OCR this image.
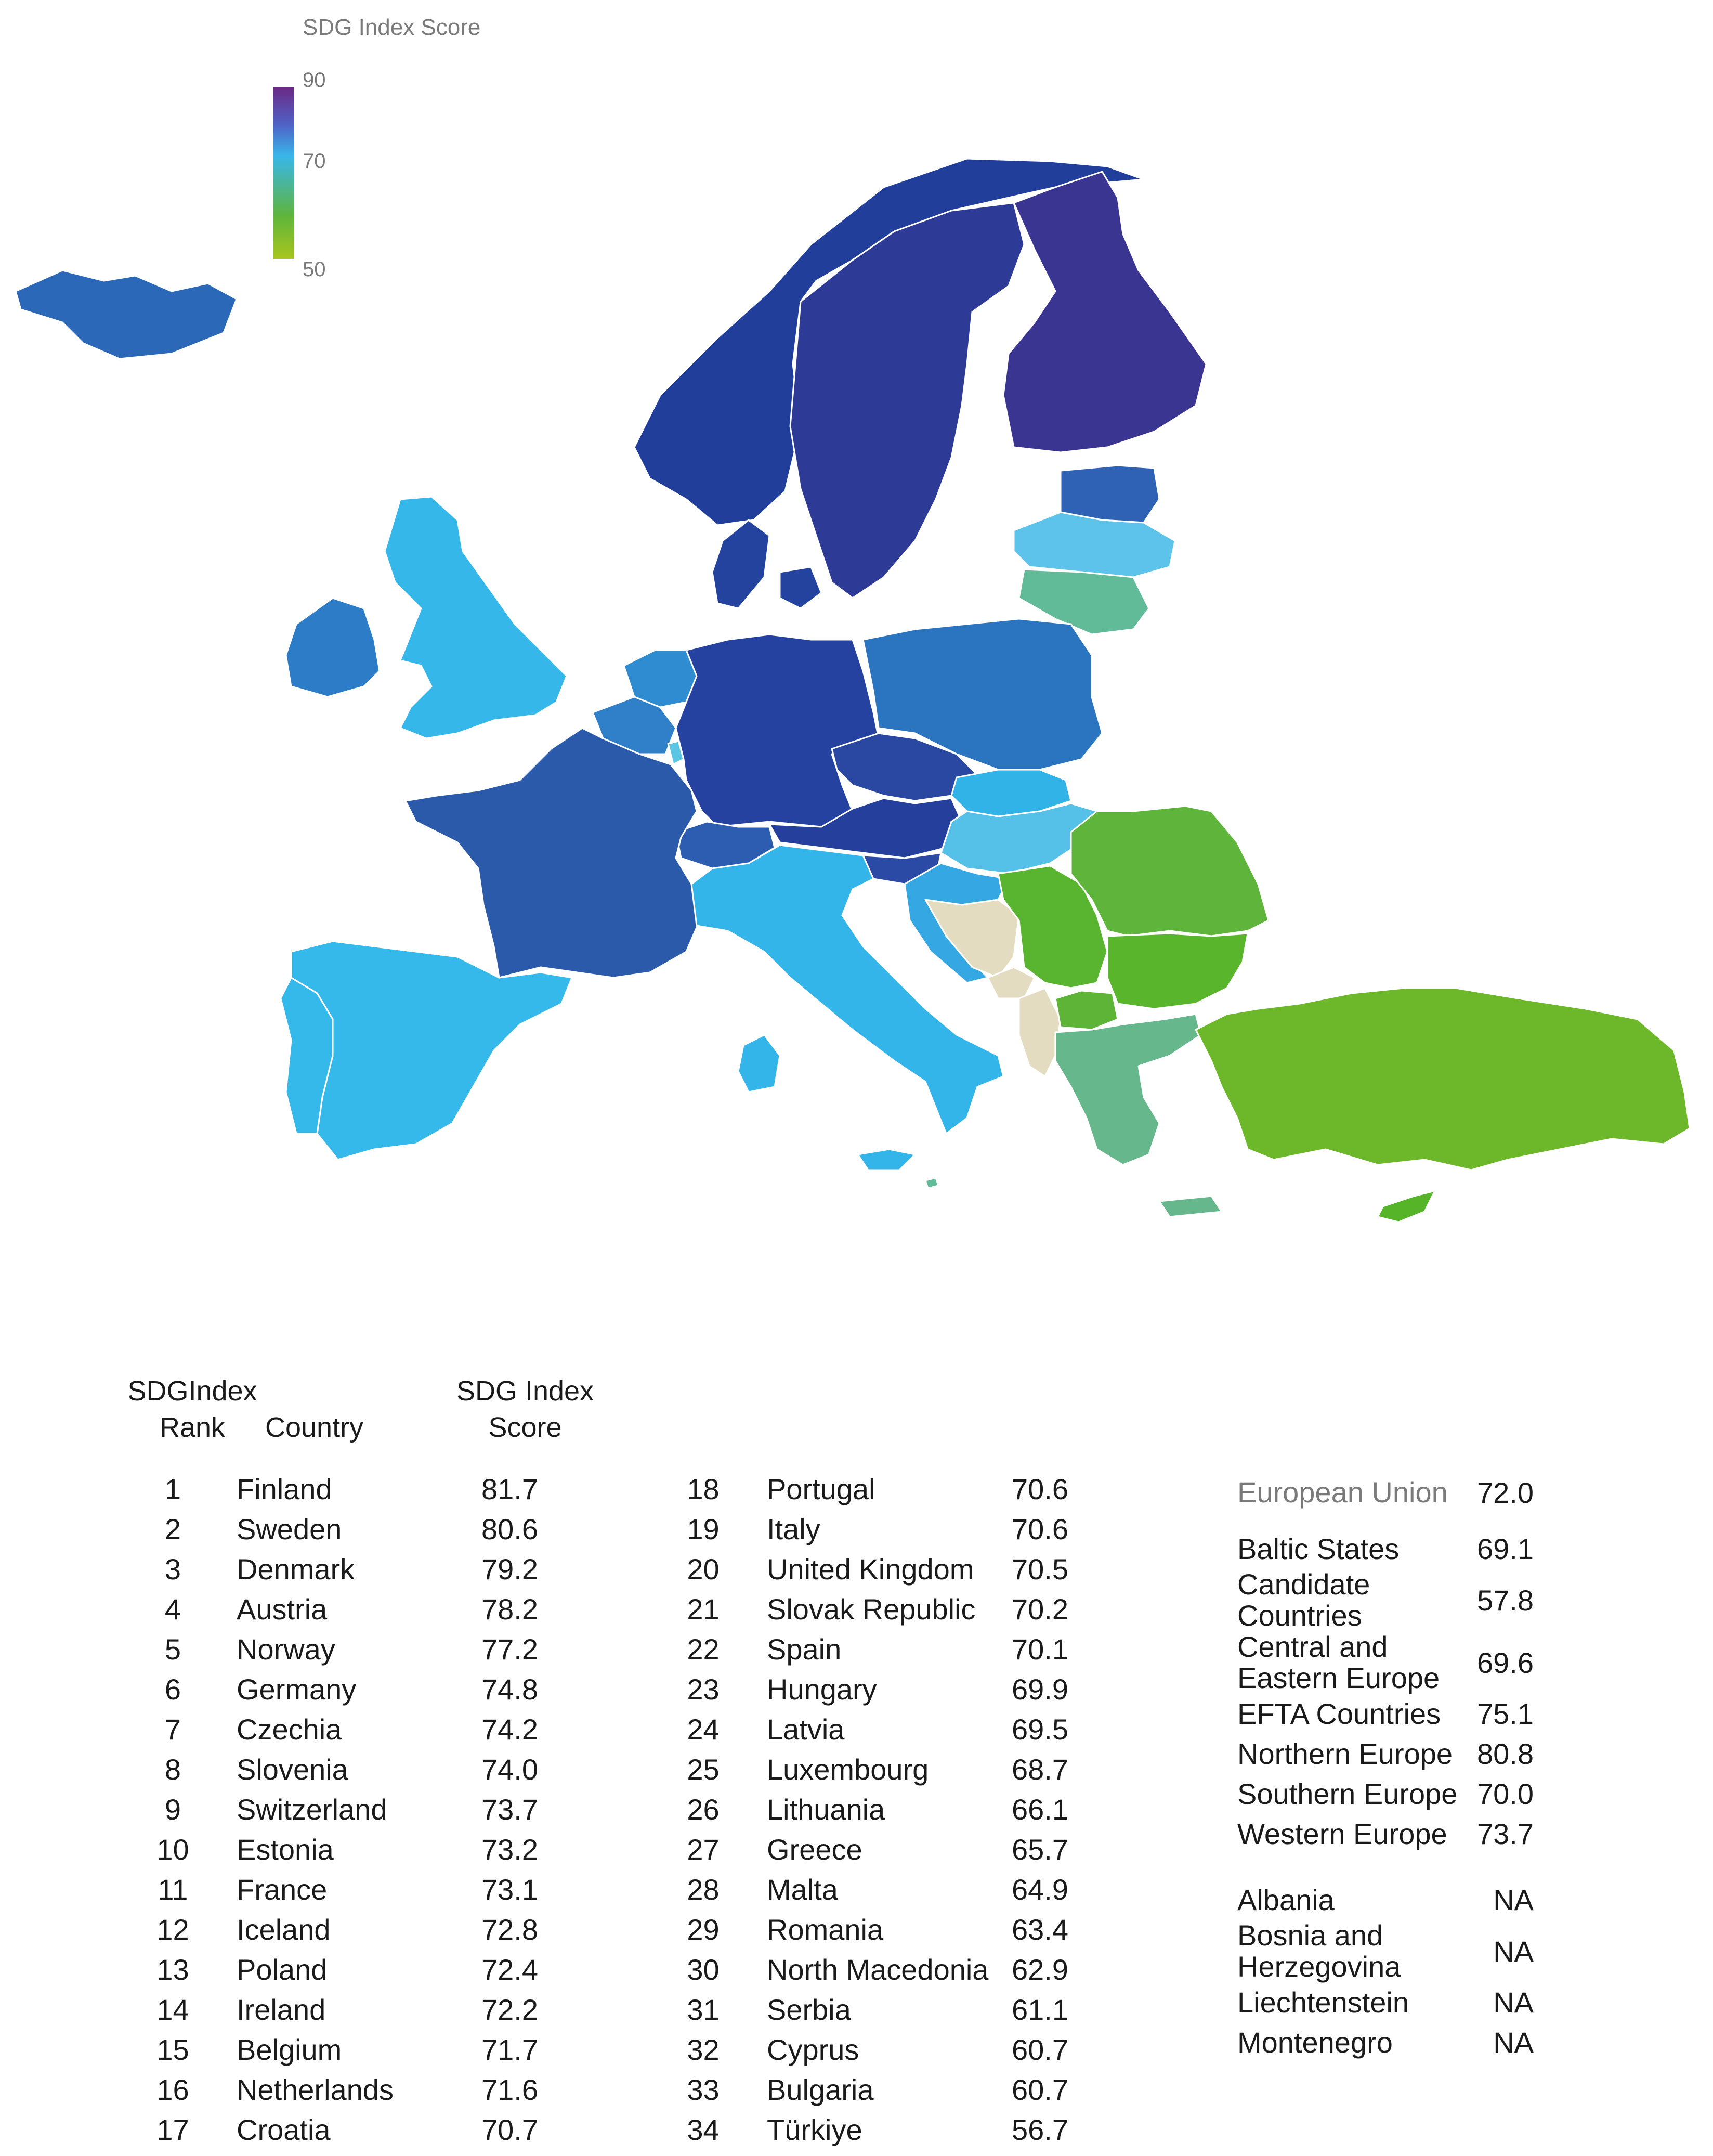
SDG Index Score
90
70
50
SDGIndex
Rank	Country
SDG Index
Score
1	Finland	81.7
2	Sweden	80.6
3	Denmark	79.2
4	Austria	78.2
5	Norway	77.2
6	Germany	74.8
7	Czechia	74.2
8	Slovenia	74.0
9	Switzerland	73.7
10	Estonia	73.2
11	France	73.1
12	Iceland	72.8
13	Poland	72.4
14	Ireland	72.2
15	Belgium	71.7
16	Netherlands	71.6
17	Croatia	70.7
18	Portugal	70.6
19	Italy	70.6
20	United Kingdom	70.5
21	Slovak Republic	70.2
22	Spain	70.1
23	Hungary	69.9
24	Latvia	69.5
25	Luxembourg	68.7
26	Lithuania	66.1
27	Greece	65.7
28	Malta	64.9
29	Romania	63.4
30	North Macedonia 62.9
31	Serbia	61.1
32	Cyprus	60.7
33	Bulgaria	60.7
34	Türkiye	56.7
European Union	72.0
Baltic States	69.1
Candidate Countries	57.8
Central and Eastern Europe	69.6
EFTA Countries	75.1
Northern Europe 80.8
Southern Europe 70.0
Western Europe	73.7
Albania	NA
Bosnia and Herzegovina	NA
Liechtenstein	NA
Montenegro	NA
